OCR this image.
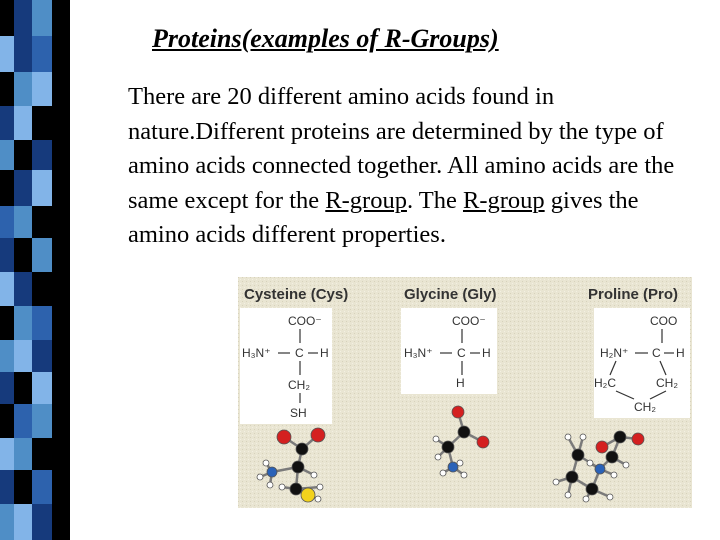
Proteins(examples of R-Groups)

There are 20 different amino acids found in nature.Different proteins are determined by the type of amino acids connected together. All amino acids are the same except for the R-group. The R-group gives the amino acids different properties.

Cysteine (Cys)
COO⁻
H₃N⁺ C H
CH₂
SH
Glycine (Gly)
COO⁻
H₃N⁺ C H
H
Proline (Pro)
COO
H₂N⁺ C H
H₂C	CH₂
CH₂
